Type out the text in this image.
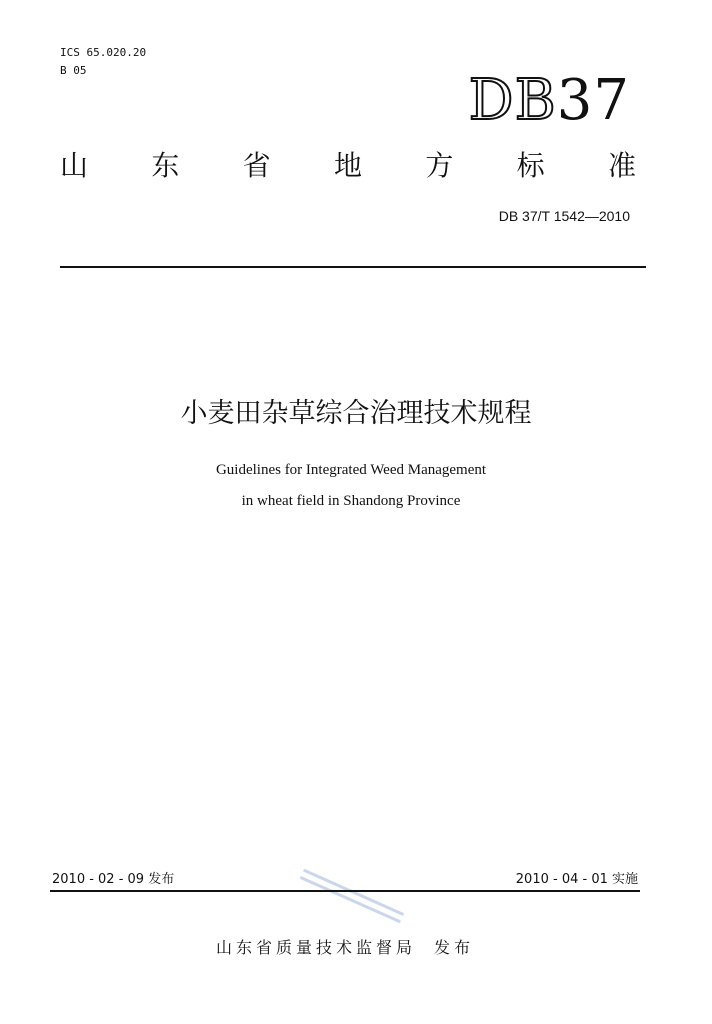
ICS 65.020.20
B 05	DB37
山 东 省 地 方 标 准
DB 37/T 1542—2010
小麦田杂草综合治理技术规程
Guidelines for Integrated Weed Management
in wheat field in Shandong Province
2010 - 02 - 09 发布	2010 - 04 - 01 实施
山东省质量技术监督局 发布
